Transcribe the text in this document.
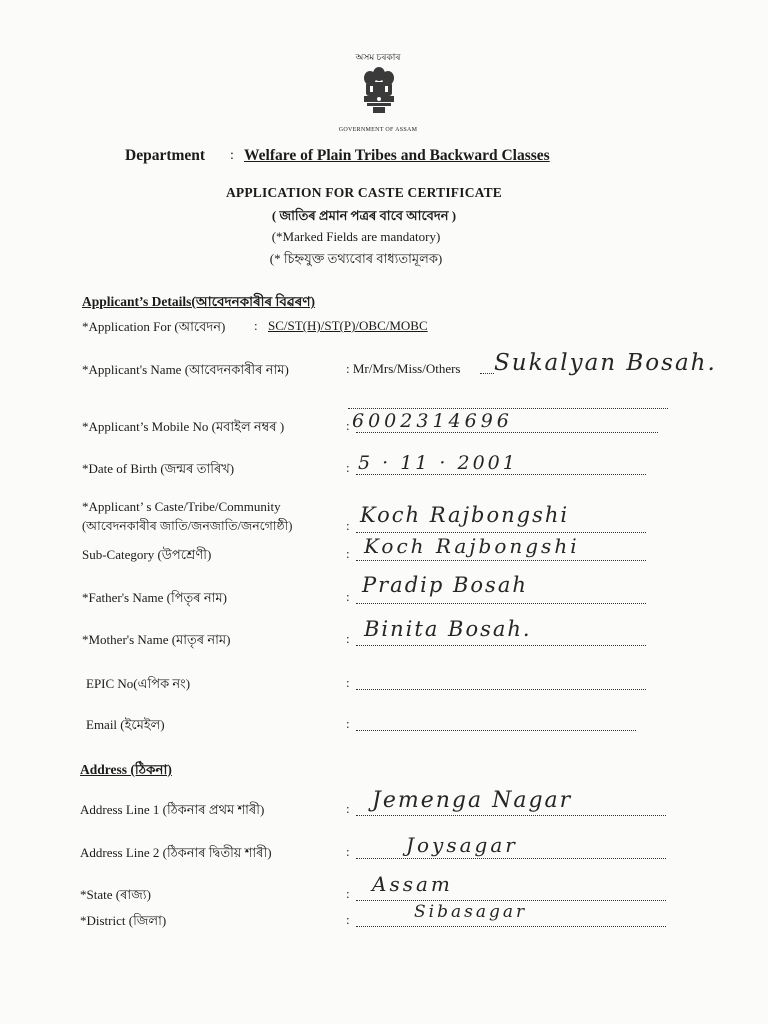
অসম চৰকাৰ
GOVERNMENT OF ASSAM
Department : Welfare of Plain Tribes and Backward Classes
APPLICATION FOR CASTE CERTIFICATE
( জাতিৰ প্ৰমান পত্ৰৰ বাবে আবেদন )
(*Marked Fields are mandatory)
(* চিহ্নযুক্ত তথ্যবোৰ বাধ্যতামূলক)
Applicant’s Details(আবেদনকাৰীৰ বিৱৰণ)
*Application For (আবেদন) : SC/ST(H)/ST(P)/OBC/MOBC
*Applicant's Name (আবেদনকাৰীৰ নাম)	: Mr/Mrs/Miss/Others Sukalyan Bosah.
*Applicant’s Mobile No (মবাইল নম্বৰ )	: 6002314696
*Date of Birth (জন্মৰ তাৰিখ)	: 5 · 11 · 2001
*Applicant’ s Caste/Tribe/Community
(আবেদনকাৰীৰ জাতি/জনজাতি/জনগোষ্ঠী)	: Koch Rajbongshi
Sub-Category (উপশ্ৰেণী)	: Koch Rajbongshi
*Father's Name (পিতৃৰ নাম)	: Pradip Bosah
*Mother's Name (মাতৃৰ নাম)	: Binita Bosah.
EPIC No(এপিক নং)	:
Email (ইমেইল)	:
Address (ঠিকনা)
Address Line 1 (ঠিকনাৰ প্ৰথম শাৰী)	: Jemenga Nagar
Address Line 2 (ঠিকনাৰ দ্বিতীয় শাৰী)	:	Joysagar
*State (ৰাজ্য)	: Assam
*District (জিলা)	:	Sibasagar
